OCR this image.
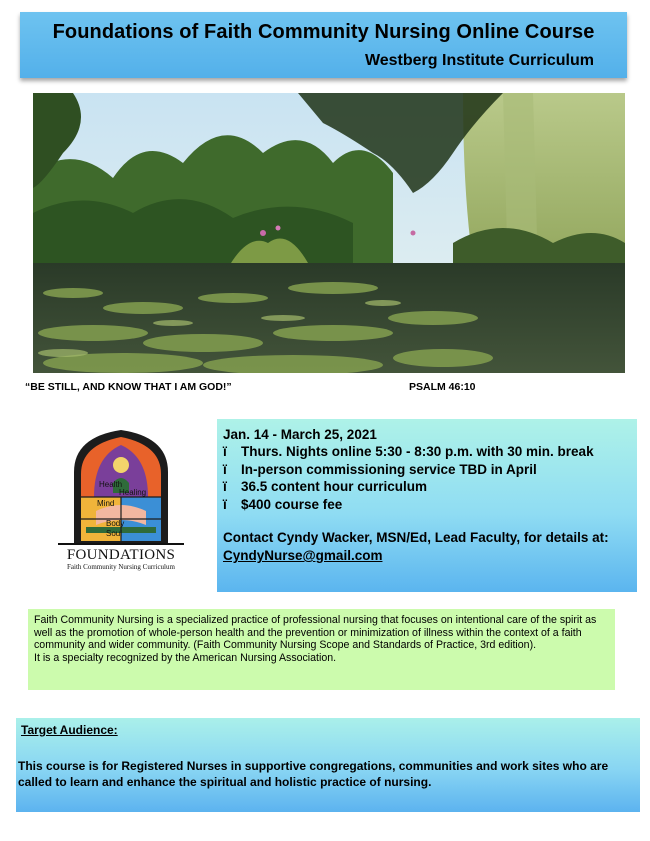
Foundations of Faith Community Nursing Online Course
Westberg Institute Curriculum
“BE STILL, AND KNOW THAT I AM GOD!”	PSALM 46:10
Health
Healing
Mind
Body
Soul
FOUNDATIONS
Faith Community Nursing Curriculum
Jan. 14 - March 25, 2021
ï	Thurs. Nights online 5:30 - 8:30 p.m. with 30 min. break
ï	In-person commissioning service TBD in April
ï	36.5 content hour curriculum
ï	$400 course fee
Contact Cyndy Wacker, MSN/Ed, Lead Faculty, for details at:
CyndyNurse@gmail.com
Faith Community Nursing is a specialized practice of professional nursing that focuses on intentional care of the spirit as well as the promotion of whole-person health and the prevention or minimization of illness within the context of a faith community and wider community. (Faith Community Nursing Scope and Standards of Practice, 3rd edition).
It is a specialty recognized by the American Nursing Association.
Target Audience:
This course is for Registered Nurses in supportive congregations, communities and work sites who are called to learn and enhance the spiritual and holistic practice of nursing.
